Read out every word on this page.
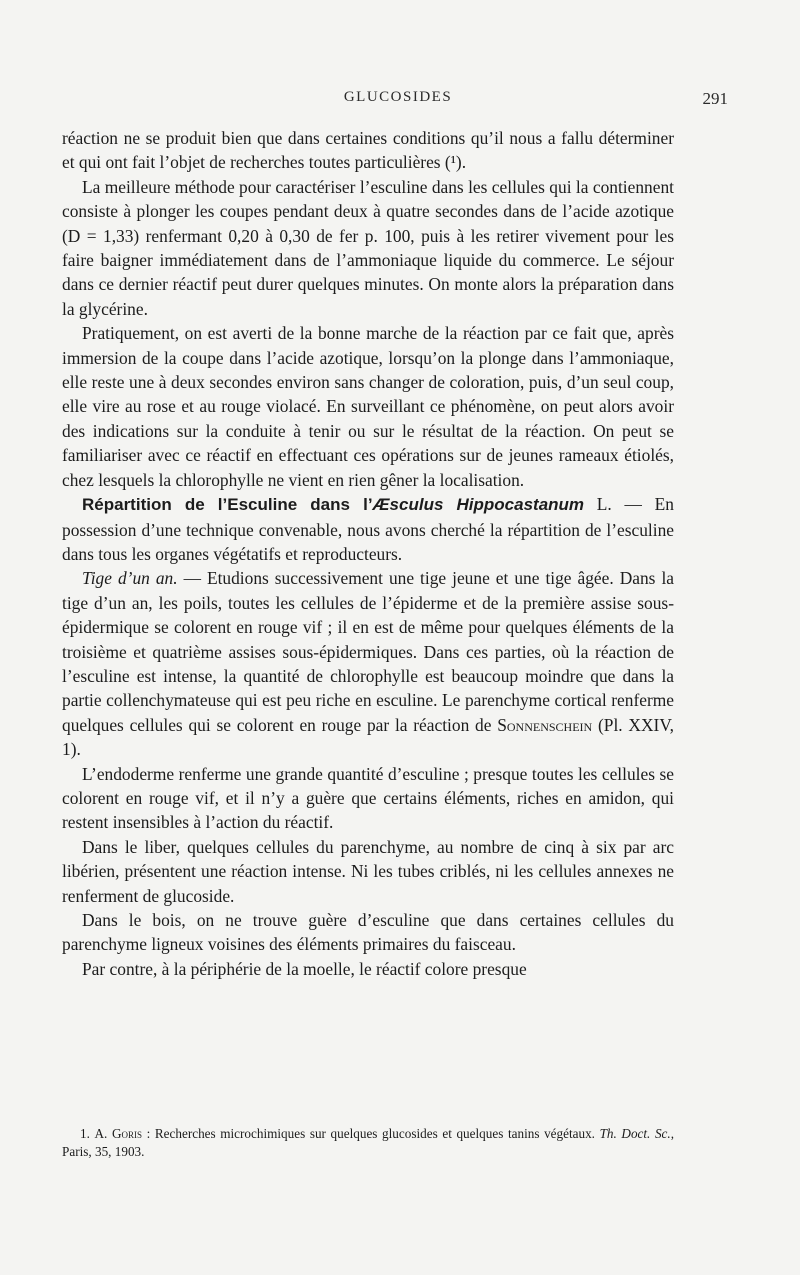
GLUCOSIDES	291

réaction ne se produit bien que dans certaines conditions qu’il nous a fallu déterminer et qui ont fait l’objet de recherches toutes particulières (¹).

La meilleure méthode pour caractériser l’esculine dans les cellules qui la contiennent consiste à plonger les coupes pendant deux à quatre secondes dans de l’acide azotique (D = 1,33) renfermant 0,20 à 0,30 de fer p. 100, puis à les retirer vivement pour les faire baigner immédiatement dans de l’ammoniaque liquide du commerce. Le séjour dans ce dernier réactif peut durer quelques minutes. On monte alors la préparation dans la glycérine.

Pratiquement, on est averti de la bonne marche de la réaction par ce fait que, après immersion de la coupe dans l’acide azotique, lorsqu’on la plonge dans l’ammoniaque, elle reste une à deux secondes environ sans changer de coloration, puis, d’un seul coup, elle vire au rose et au rouge violacé. En surveillant ce phénomène, on peut alors avoir des indications sur la conduite à tenir ou sur le résultat de la réaction. On peut se familiariser avec ce réactif en effectuant ces opérations sur de jeunes rameaux étiolés, chez lesquels la chlorophylle ne vient en rien gêner la localisation.

Répartition de l’Esculine dans l’Æsculus Hippocastanum L. — En possession d’une technique convenable, nous avons cherché la répartition de l’esculine dans tous les organes végétatifs et reproducteurs.

Tige d’un an. — Etudions successivement une tige jeune et une tige âgée. Dans la tige d’un an, les poils, toutes les cellules de l’épiderme et de la première assise sous-épidermique se colorent en rouge vif ; il en est de même pour quelques éléments de la troisième et quatrième assises sous-épidermiques. Dans ces parties, où la réaction de l’esculine est intense, la quantité de chlorophylle est beaucoup moindre que dans la partie collenchymateuse qui est peu riche en esculine. Le parenchyme cortical renferme quelques cellules qui se colorent en rouge par la réaction de Sonnenschein (Pl. XXIV, 1).

L’endoderme renferme une grande quantité d’esculine ; presque toutes les cellules se colorent en rouge vif, et il n’y a guère que certains éléments, riches en amidon, qui restent insensibles à l’action du réactif.

Dans le liber, quelques cellules du parenchyme, au nombre de cinq à six par arc libérien, présentent une réaction intense. Ni les tubes criblés, ni les cellules annexes ne renferment de glucoside.

Dans le bois, on ne trouve guère d’esculine que dans certaines cellules du parenchyme ligneux voisines des éléments primaires du faisceau.

Par contre, à la périphérie de la moelle, le réactif colore presque

1. A. Goris : Recherches microchimiques sur quelques glucosides et quelques tanins végétaux. Th. Doct. Sc., Paris, 35, 1903.
